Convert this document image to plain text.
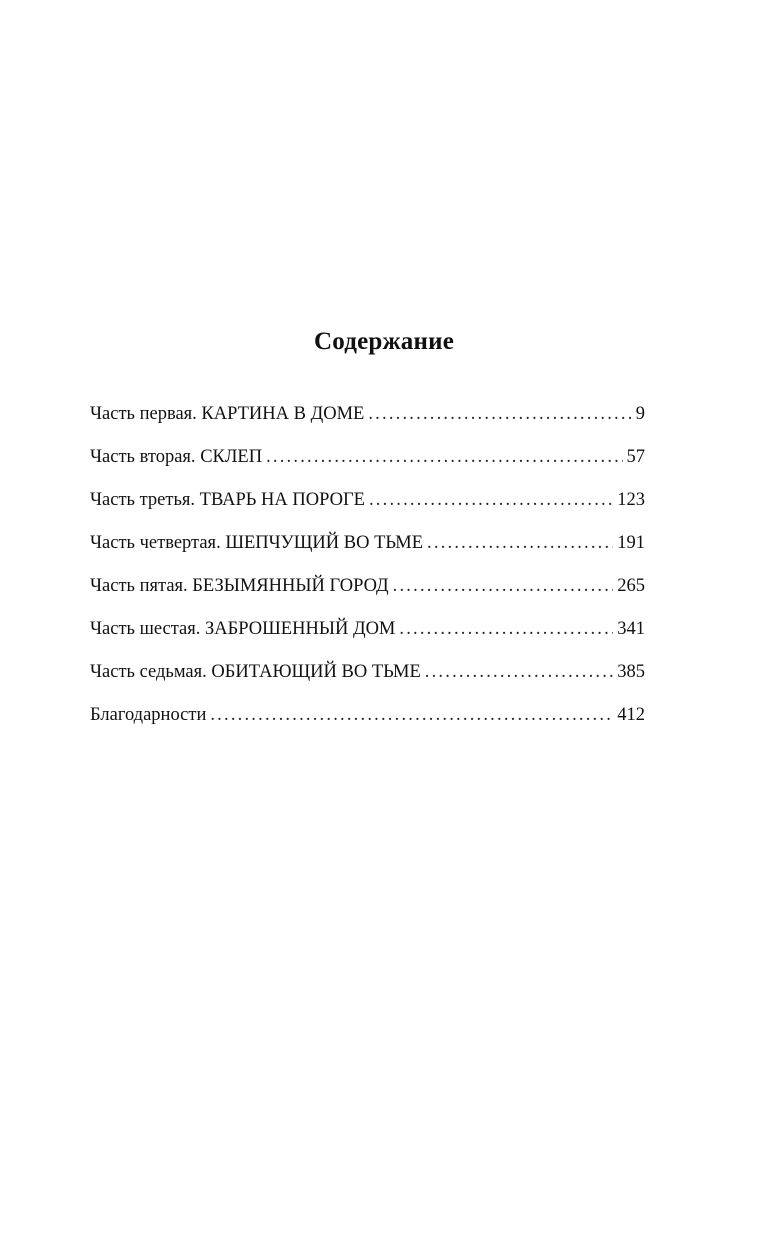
Содержание
Часть первая. КАРТИНА В ДОМЕ .....	9
Часть вторая. СКЛЕП .....	57
Часть третья. ТВАРЬ НА ПОРОГЕ .....	123
Часть четвертая. ШЕПЧУЩИЙ ВО ТЬМЕ .....	191
Часть пятая. БЕЗЫМЯННЫЙ ГОРОД .....	265
Часть шестая. ЗАБРОШЕННЫЙ ДОМ .....	341
Часть седьмая. ОБИТАЮЩИЙ ВО ТЬМЕ .....	385
Благодарности .....	412
